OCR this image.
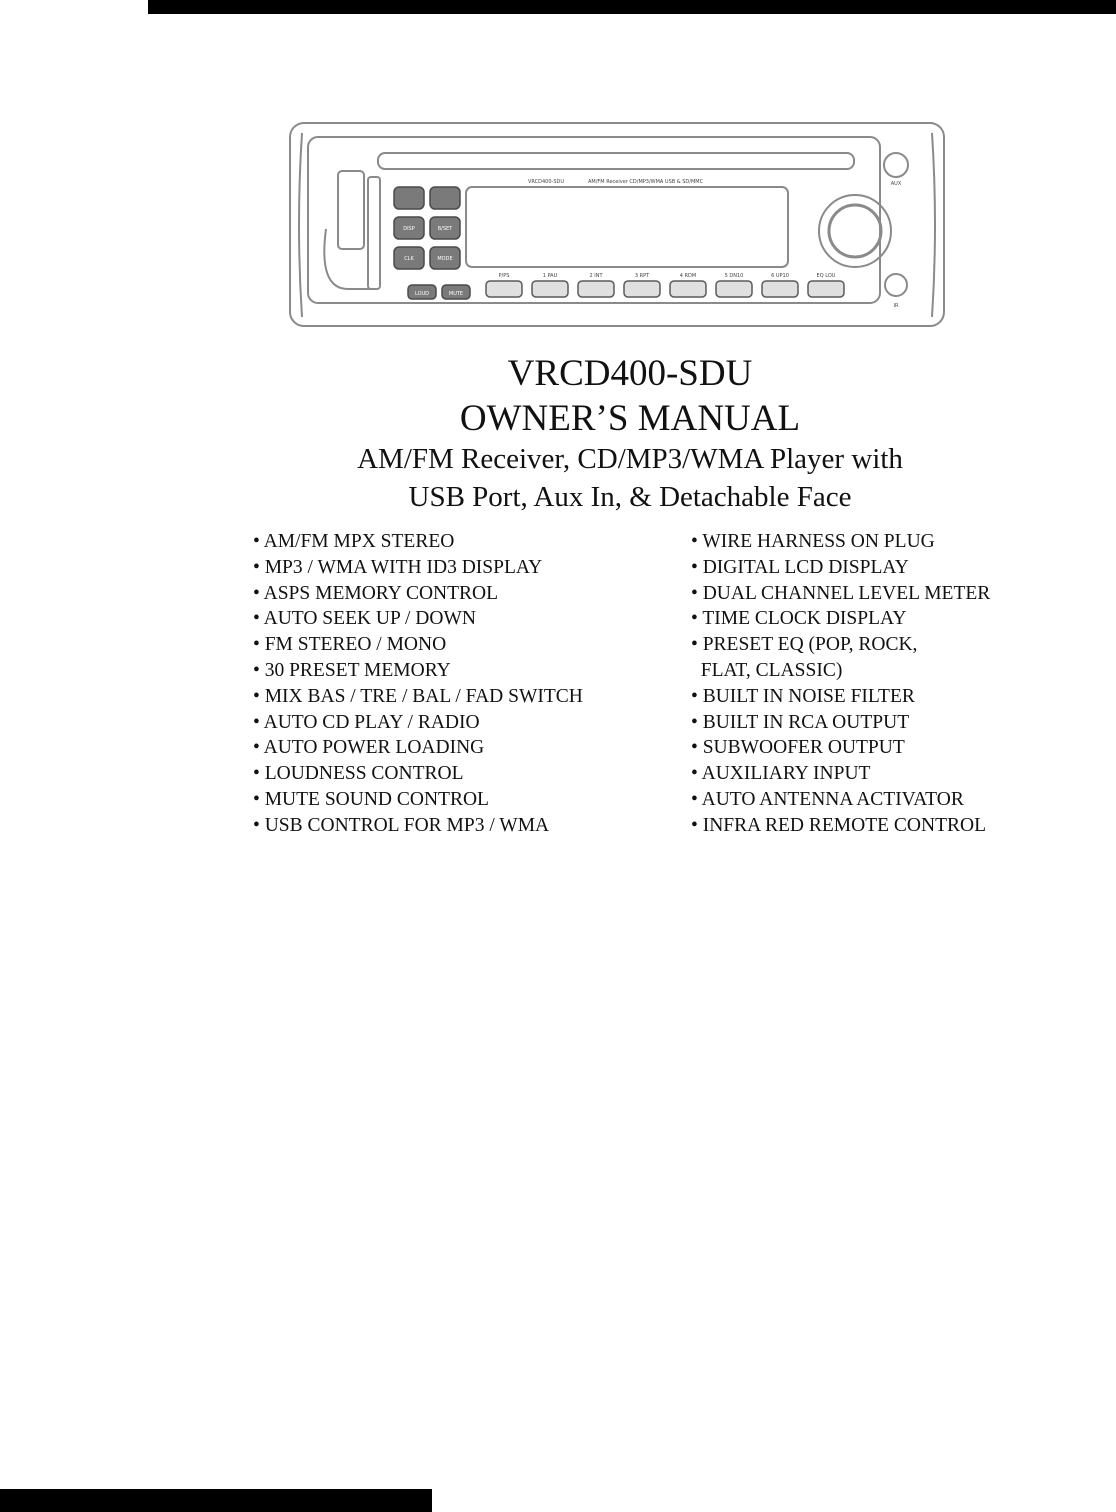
AUX
IR
DISP	B/SET
CLK	MODE
LOUD	MUTE
P/PS	1 PAU	2 INT	3 RPT	4 RDM	5 DN10	6 UP10	EQ LOU
VRCD400-SDU	AM/FM Receiver CD/MP3/WMA USB & SD/MMC
VRCD400-SDU
OWNER’S MANUAL
AM/FM Receiver, CD/MP3/WMA Player with
USB Port, Aux In, & Detachable Face
• AM/FM MPX STEREO
• MP3 / WMA WITH ID3 DISPLAY
• ASPS MEMORY CONTROL
• AUTO SEEK UP / DOWN
• FM STEREO / MONO
• 30 PRESET MEMORY
• MIX BAS / TRE / BAL / FAD SWITCH
• AUTO CD PLAY / RADIO
• AUTO POWER LOADING
• LOUDNESS CONTROL
• MUTE SOUND CONTROL
• USB CONTROL FOR MP3 / WMA
• WIRE HARNESS ON PLUG
• DIGITAL LCD DISPLAY
• DUAL CHANNEL LEVEL METER
• TIME CLOCK DISPLAY
• PRESET EQ (POP, ROCK,
FLAT, CLASSIC)
• BUILT IN NOISE FILTER
• BUILT IN RCA OUTPUT
• SUBWOOFER OUTPUT
• AUXILIARY INPUT
• AUTO ANTENNA ACTIVATOR
• INFRA RED REMOTE CONTROL
